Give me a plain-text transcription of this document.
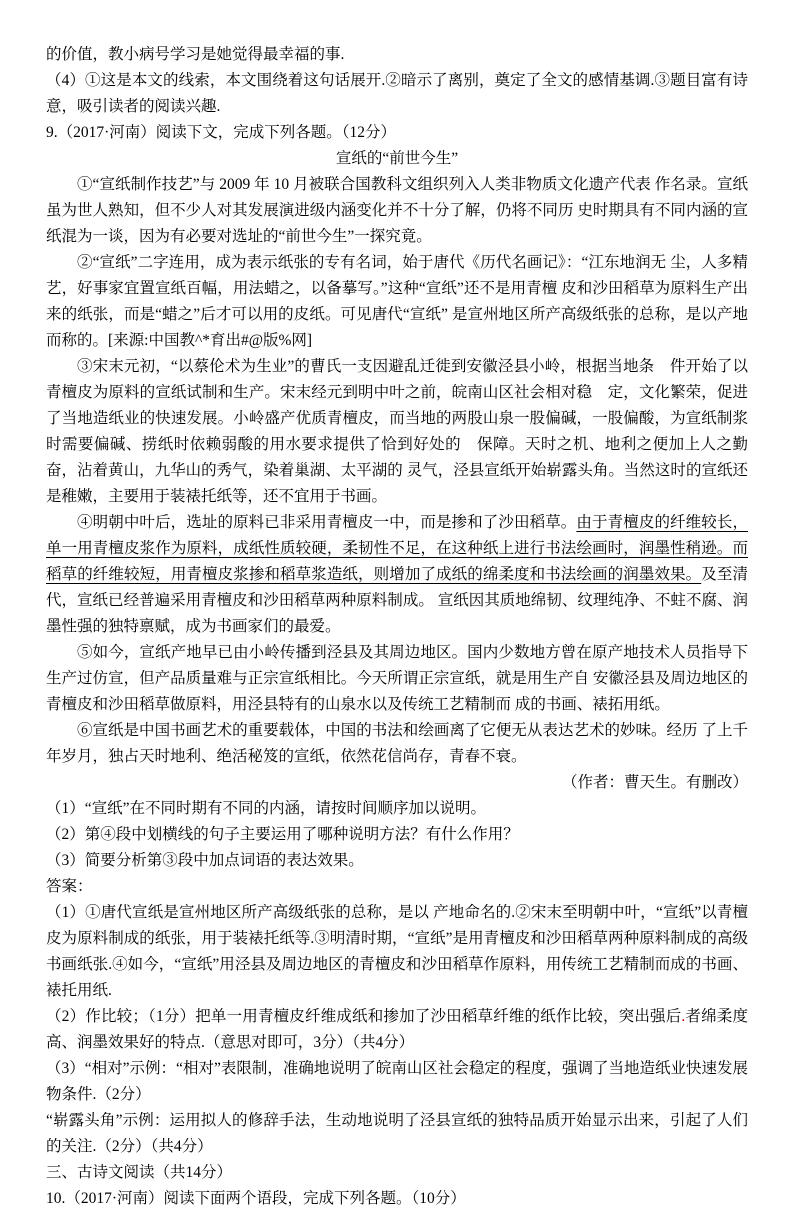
的价值，教小病号学习是她觉得最幸福的事.

（4）①这是本文的线索，本文围绕着这句话展开.②暗示了离别，奠定了全文的感情基调.③题目富有诗意，吸引读者的阅读兴趣.

9.（2017·河南）阅读下文，完成下列各题。（12分）

宣纸的“前世今生”

①“宣纸制作技艺”与 2009 年 10 月被联合国教科文组织列入人类非物质文化遗产代表 作名录。宣纸虽为世人熟知，但不少人对其发展演进级内涵变化并不十分了解，仍将不同历 史时期具有不同内涵的宣纸混为一谈，因为有必要对选址的“前世今生”一探究竟。

②“宣纸”二字连用，成为表示纸张的专有名词，始于唐代《历代名画记》：“江东地润无 尘，人多精艺，好事家宜置宣纸百幅，用法蜡之，以备摹写。”这种“宣纸”还不是用青檀 皮和沙田稻草为原料生产出来的纸张，而是“蜡之”后才可以用的皮纸。可见唐代“宣纸” 是宣州地区所产高级纸张的总称，是以产地而称的。[来源:中国教^*育出#@版%网]

③宋末元初，“以蔡伦术为生业”的曹氏一支因避乱迁徙到安徽泾县小岭，根据当地条　件开始了以青檀皮为原料的宣纸试制和生产。宋末经元到明中叶之前，皖南山区社会相对稳　定，文化繁荣，促进了当地造纸业的快速发展。小岭盛产优质青檀皮，而当地的两股山泉一股偏碱，一股偏酸，为宣纸制浆时需要偏碱、捞纸时依赖弱酸的用水要求提供了恰到好处的　保障。天时之机、地利之便加上人之勤奋，沾着黄山，九华山的秀气，染着巢湖、太平湖的 灵气，泾县宣纸开始崭露头角。当然这时的宣纸还是稚嫩，主要用于装裱托纸等，还不宜用于书画。

④明朝中叶后，选址的原料已非采用青檀皮一中，而是掺和了沙田稻草。由于青檀皮的纤维较长，单一用青檀皮浆作为原料，成纸性质较硬，柔韧性不足，在这种纸上进行书法绘画时，润墨性稍逊。而稻草的纤维较短，用青檀皮浆掺和稻草浆造纸，则增加了成纸的绵柔度和书法绘画的润墨效果。及至清代，宣纸已经普遍采用青檀皮和沙田稻草两种原料制成。 宣纸因其质地绵韧、纹理纯净、不蛀不腐、润墨性强的独特禀赋，成为书画家们的最爱。

⑤如今，宣纸产地早已由小岭传播到泾县及其周边地区。国内少数地方曾在原产地技术人员指导下生产过仿宣，但产品质量难与正宗宣纸相比。今天所谓正宗宣纸，就是用生产自 安徽泾县及周边地区的青檀皮和沙田稻草做原料，用泾县特有的山泉水以及传统工艺精制而 成的书画、裱拓用纸。

⑥宣纸是中国书画艺术的重要载体，中国的书法和绘画离了它便无从表达艺术的妙味。经历 了上千年岁月，独占天时地利、绝活秘笈的宣纸，依然花信尚存，青春不衰。

（作者：曹天生。有删改）

（1）“宣纸”在不同时期有不同的内涵，请按时间顺序加以说明。

（2）第④段中划横线的句子主要运用了哪种说明方法？有什么作用？

（3）简要分析第③段中加点词语的表达效果。

答案：

（1）①唐代宣纸是宣州地区所产高级纸张的总称，是以 产地命名的.②宋末至明朝中叶，“宣纸”以青檀皮为原料制成的纸张，用于装裱托纸等.③明清时期，“宣纸”是用青檀皮和沙田稻草两种原料制成的高级书画纸张.④如今，“宣纸”用泾县及周边地区的青檀皮和沙田稻草作原料，用传统工艺精制而成的书画、裱托用纸.

（2）作比较；（1分）把单一用青檀皮纤维成纸和掺加了沙田稻草纤维的纸作比较，突出强后.者绵柔度高、润墨效果好的特点.（意思对即可，3分）（共4分）

（3）“相对”示例：“相对”表限制，准确地说明了皖南山区社会稳定的程度，强调了当地造纸业快速发展物条件.（2分）

“崭露头角”示例：运用拟人的修辞手法，生动地说明了泾县宣纸的独特品质开始显示出来，引起了人们的关注.（2分）（共4分）

三、古诗文阅读（共14分）

10.（2017·河南）阅读下面两个语段，完成下列各题。（10分）
